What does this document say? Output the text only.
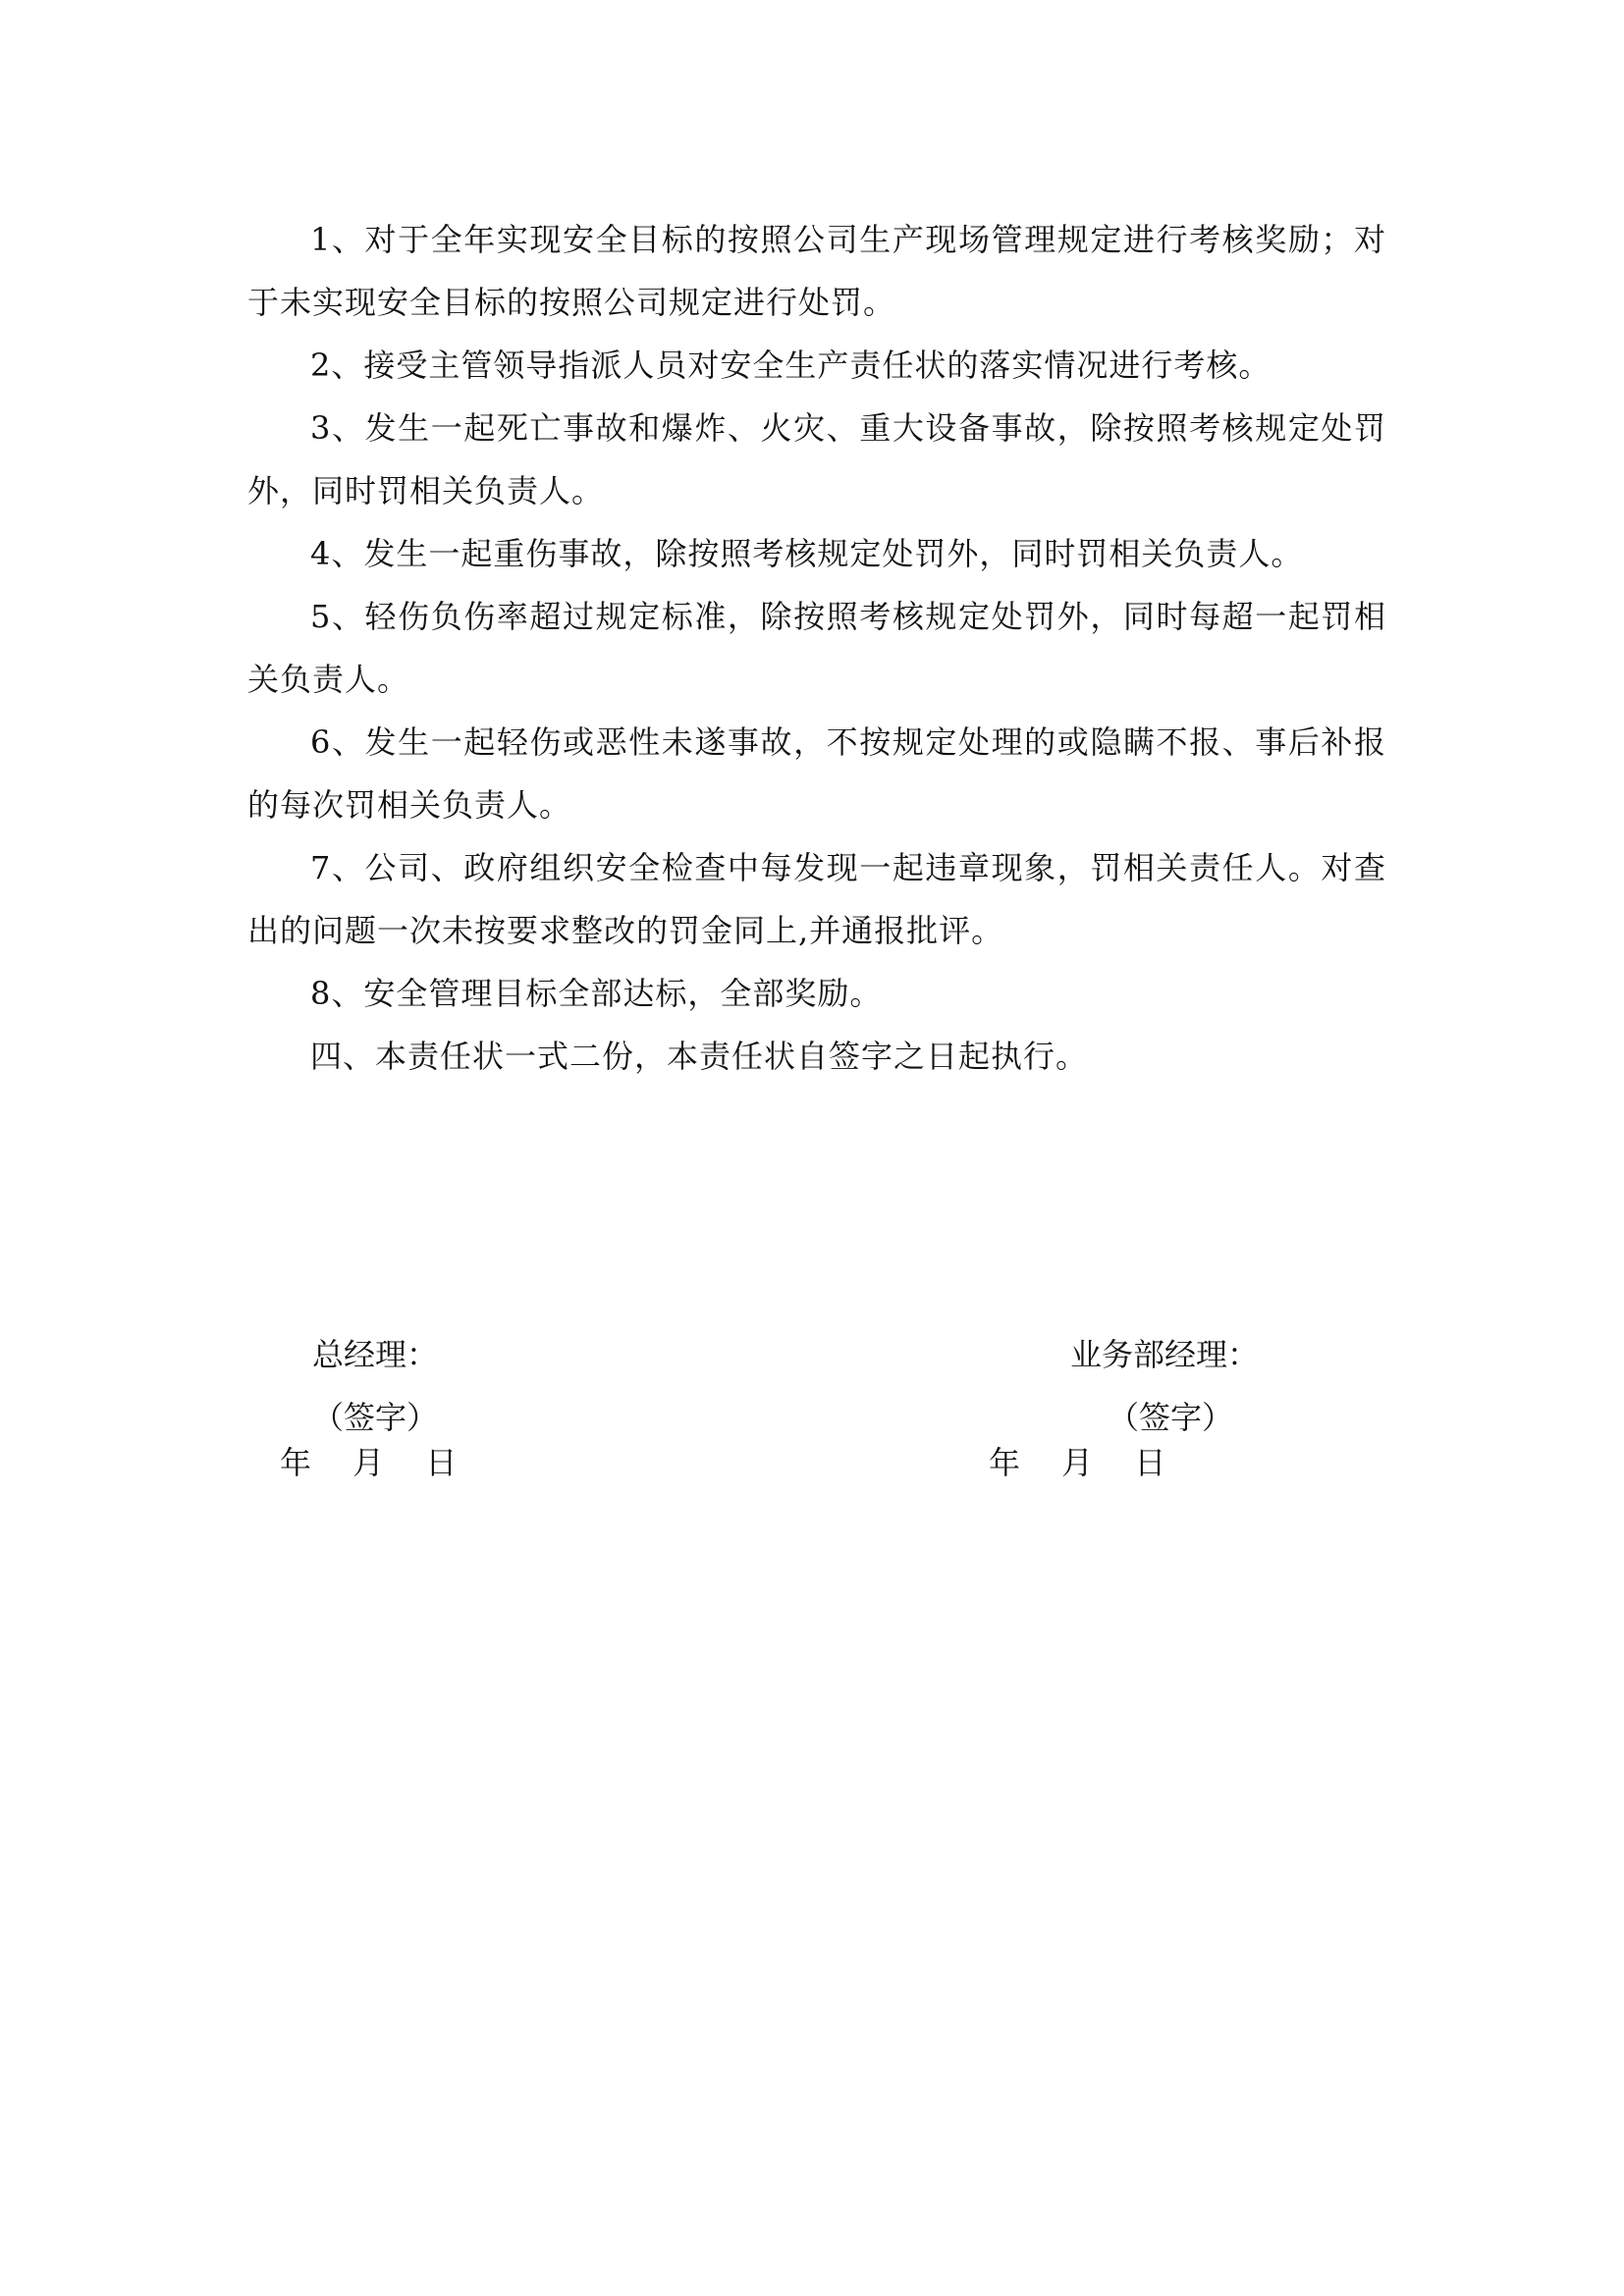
1、对于全年实现安全目标的按照公司生产现场管理规定进行考核奖励；对于未实现安全目标的按照公司规定进行处罚。

2、接受主管领导指派人员对安全生产责任状的落实情况进行考核。

3、发生一起死亡事故和爆炸、火灾、重大设备事故，除按照考核规定处罚外，同时罚相关负责人。

4、发生一起重伤事故，除按照考核规定处罚外，同时罚相关负责人。

5、轻伤负伤率超过规定标准，除按照考核规定处罚外，同时每超一起罚相关负责人。

6、发生一起轻伤或恶性未遂事故，不按规定处理的或隐瞒不报、事后补报的每次罚相关负责人。

7、公司、政府组织安全检查中每发现一起违章现象，罚相关责任人。对查出的问题一次未按要求整改的罚金同上,并通报批评。

8、安全管理目标全部达标，全部奖励。

四、本责任状一式二份，本责任状自签字之日起执行。

总经理：
（签字）
年　 月　 日
业务部经理：
（签字）
年　 月　 日
